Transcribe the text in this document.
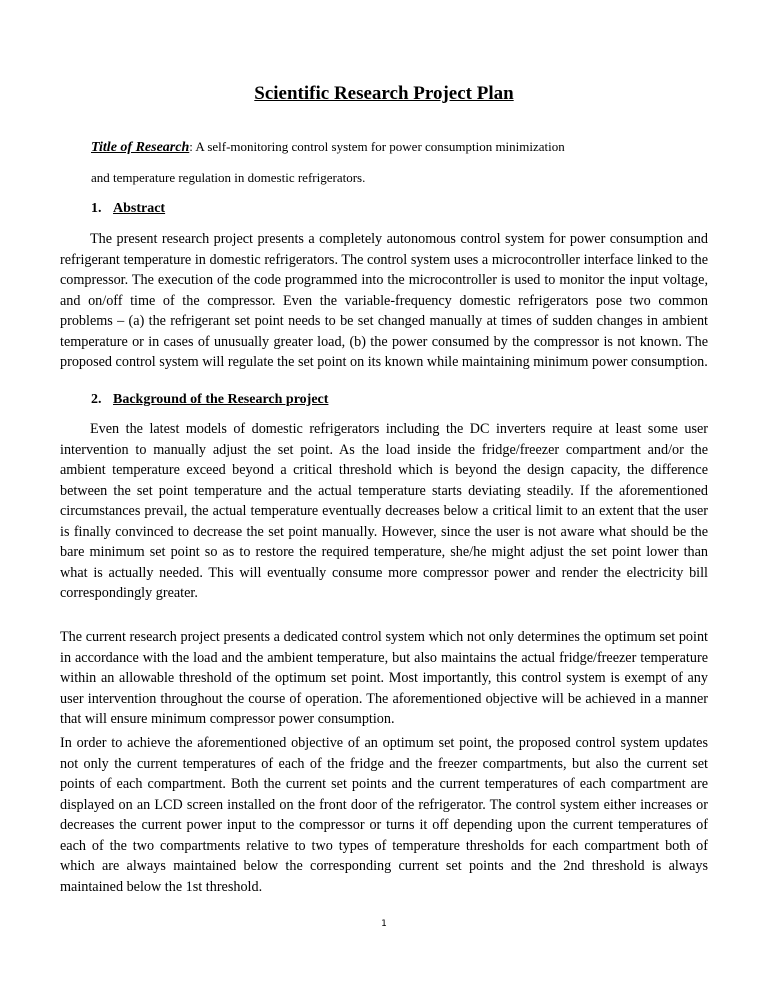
Scientific Research Project Plan
Title of Research: A self-monitoring control system for power consumption minimization
and temperature regulation in domestic refrigerators.
1. Abstract

The present research project presents a completely autonomous control system for power consumption and refrigerant temperature in domestic refrigerators. The control system uses a microcontroller interface linked to the compressor. The execution of the code programmed into the microcontroller is used to monitor the input voltage, and on/off time of the compressor. Even the variable-frequency domestic refrigerators pose two common problems – (a) the refrigerant set point needs to be set changed manually at times of sudden changes in ambient temperature or in cases of unusually greater load, (b) the power consumed by the compressor is not known. The proposed control system will regulate the set point on its known while maintaining minimum power consumption.

2. Background of the Research project

Even the latest models of domestic refrigerators including the DC inverters require at least some user intervention to manually adjust the set point. As the load inside the fridge/freezer compartment and/or the ambient temperature exceed beyond a critical threshold which is beyond the design capacity, the difference between the set point temperature and the actual temperature starts deviating steadily. If the aforementioned circumstances prevail, the actual temperature eventually decreases below a critical limit to an extent that the user is finally convinced to decrease the set point manually. However, since the user is not aware what should be the bare minimum set point so as to restore the required temperature, she/he might adjust the set point lower than what is actually needed. This will eventually consume more compressor power and render the electricity bill correspondingly greater.

The current research project presents a dedicated control system which not only determines the optimum set point in accordance with the load and the ambient temperature, but also maintains the actual fridge/freezer temperature within an allowable threshold of the optimum set point. Most importantly, this control system is exempt of any user intervention throughout the course of operation. The aforementioned objective will be achieved in a manner that will ensure minimum compressor power consumption.

In order to achieve the aforementioned objective of an optimum set point, the proposed control system updates not only the current temperatures of each of the fridge and the freezer compartments, but also the current set points of each compartment. Both the current set points and the current temperatures of each compartment are displayed on an LCD screen installed on the front door of the refrigerator. The control system either increases or decreases the current power input to the compressor or turns it off depending upon the current temperatures of each of the two compartments relative to two types of temperature thresholds for each compartment both of which are always maintained below the corresponding current set points and the 2nd threshold is always maintained below the 1st threshold.

1
